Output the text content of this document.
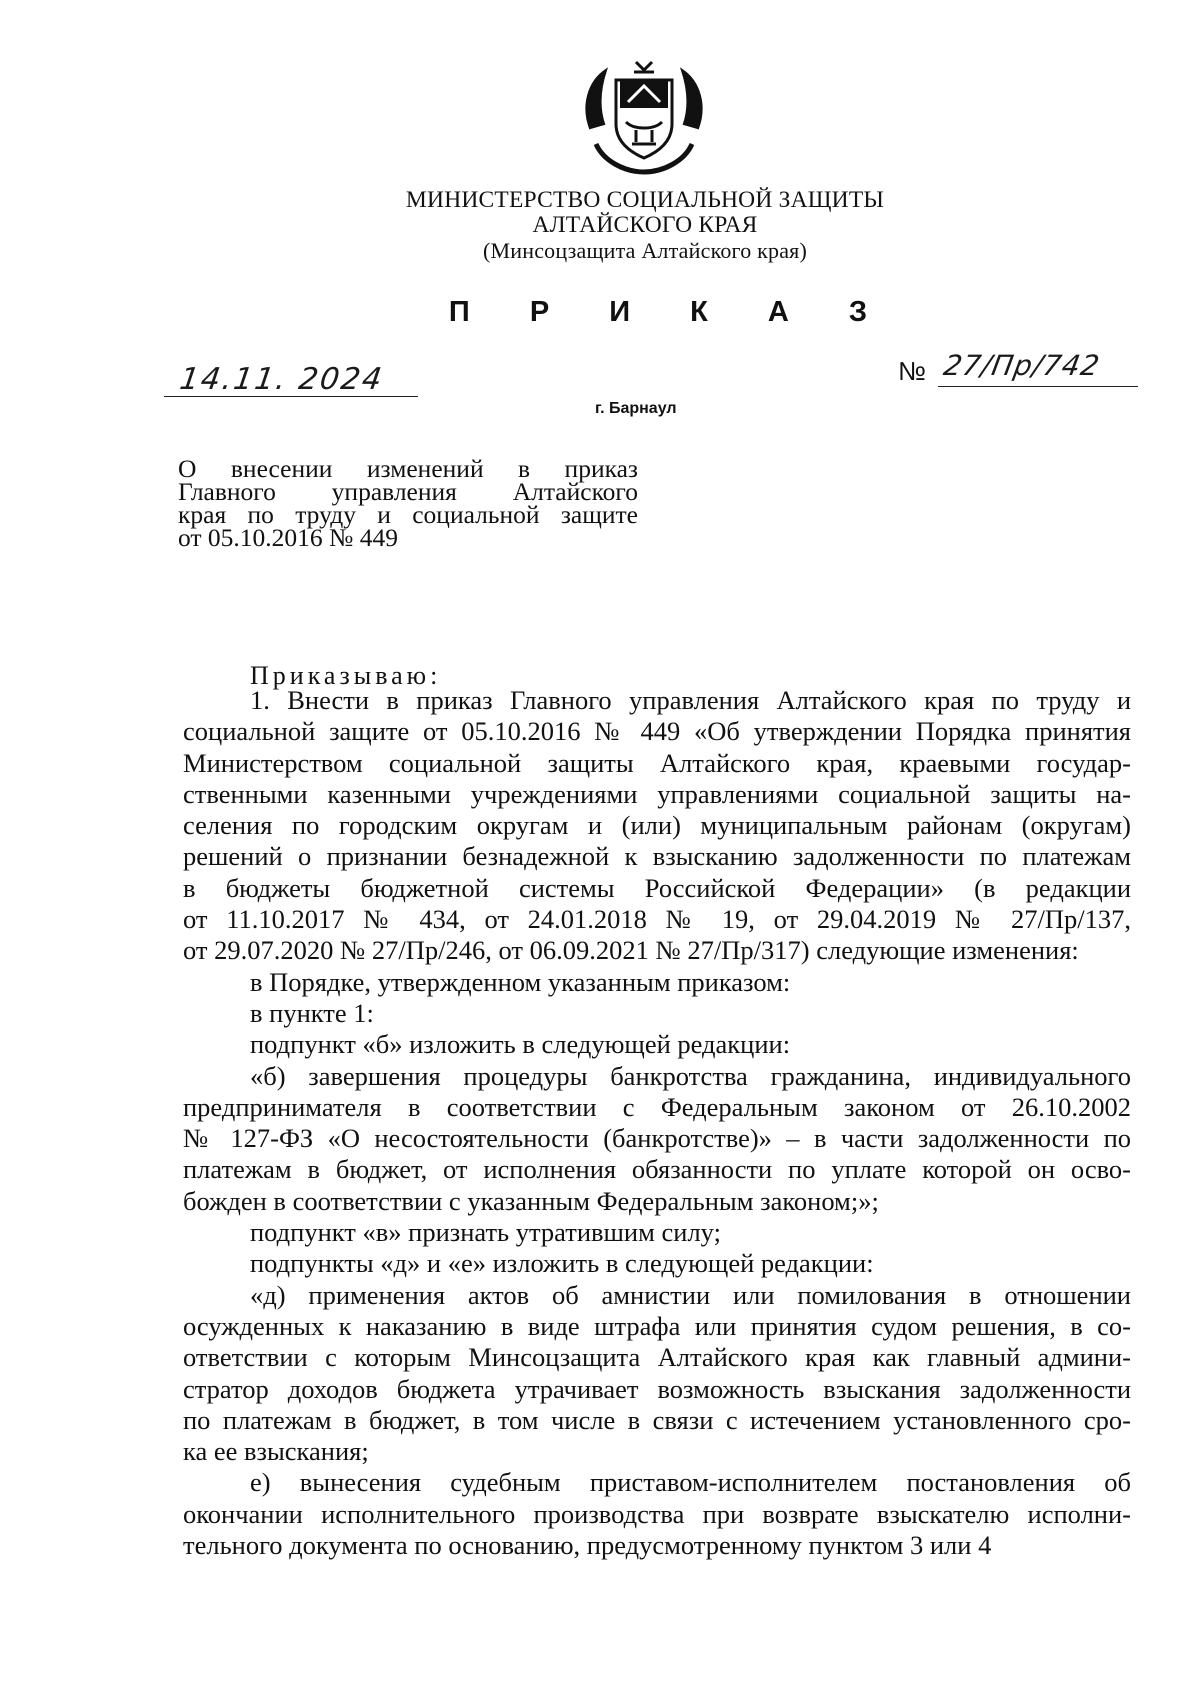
МИНИСТЕРСТВО СОЦИАЛЬНОЙ ЗАЩИТЫ
АЛТАЙСКОГО КРАЯ
(Минсоцзащита Алтайского края)
П Р И К А З
14.11. 2024	№ 27/Пр/742
г. Барнаул
О внесении изменений в приказ
Главного управления Алтайского
края по труду и социальной защите
от 05.10.2016 № 449
Приказываю:
1. Внести в приказ Главного управления Алтайского края по труду и
социальной защите от 05.10.2016 № 449 «Об утверждении Порядка принятия
Министерством социальной защиты Алтайского края, краевыми государ-
ственными казенными учреждениями управлениями социальной защиты на-
селения по городским округам и (или) муниципальным районам (округам)
решений о признании безнадежной к взысканию задолженности по платежам
в бюджеты бюджетной системы Российской Федерации» (в редакции
от 11.10.2017 № 434, от 24.01.2018 № 19, от 29.04.2019 № 27/Пр/137,
от 29.07.2020 № 27/Пр/246, от 06.09.2021 № 27/Пр/317) следующие изменения:
в Порядке, утвержденном указанным приказом:
в пункте 1:
подпункт «б» изложить в следующей редакции:
«б) завершения процедуры банкротства гражданина, индивидуального
предпринимателя в соответствии с Федеральным законом от 26.10.2002
№ 127-ФЗ «О несостоятельности (банкротстве)» – в части задолженности по
платежам в бюджет, от исполнения обязанности по уплате которой он осво-
божден в соответствии с указанным Федеральным законом;»;
подпункт «в» признать утратившим силу;
подпункты «д» и «е» изложить в следующей редакции:
«д) применения актов об амнистии или помилования в отношении
осужденных к наказанию в виде штрафа или принятия судом решения, в со-
ответствии с которым Минсоцзащита Алтайского края как главный админи-
стратор доходов бюджета утрачивает возможность взыскания задолженности
по платежам в бюджет, в том числе в связи с истечением установленного сро-
ка ее взыскания;
е) вынесения судебным приставом-исполнителем постановления об
окончании исполнительного производства при возврате взыскателю исполни-
тельного документа по основанию, предусмотренному пунктом 3 или 4
